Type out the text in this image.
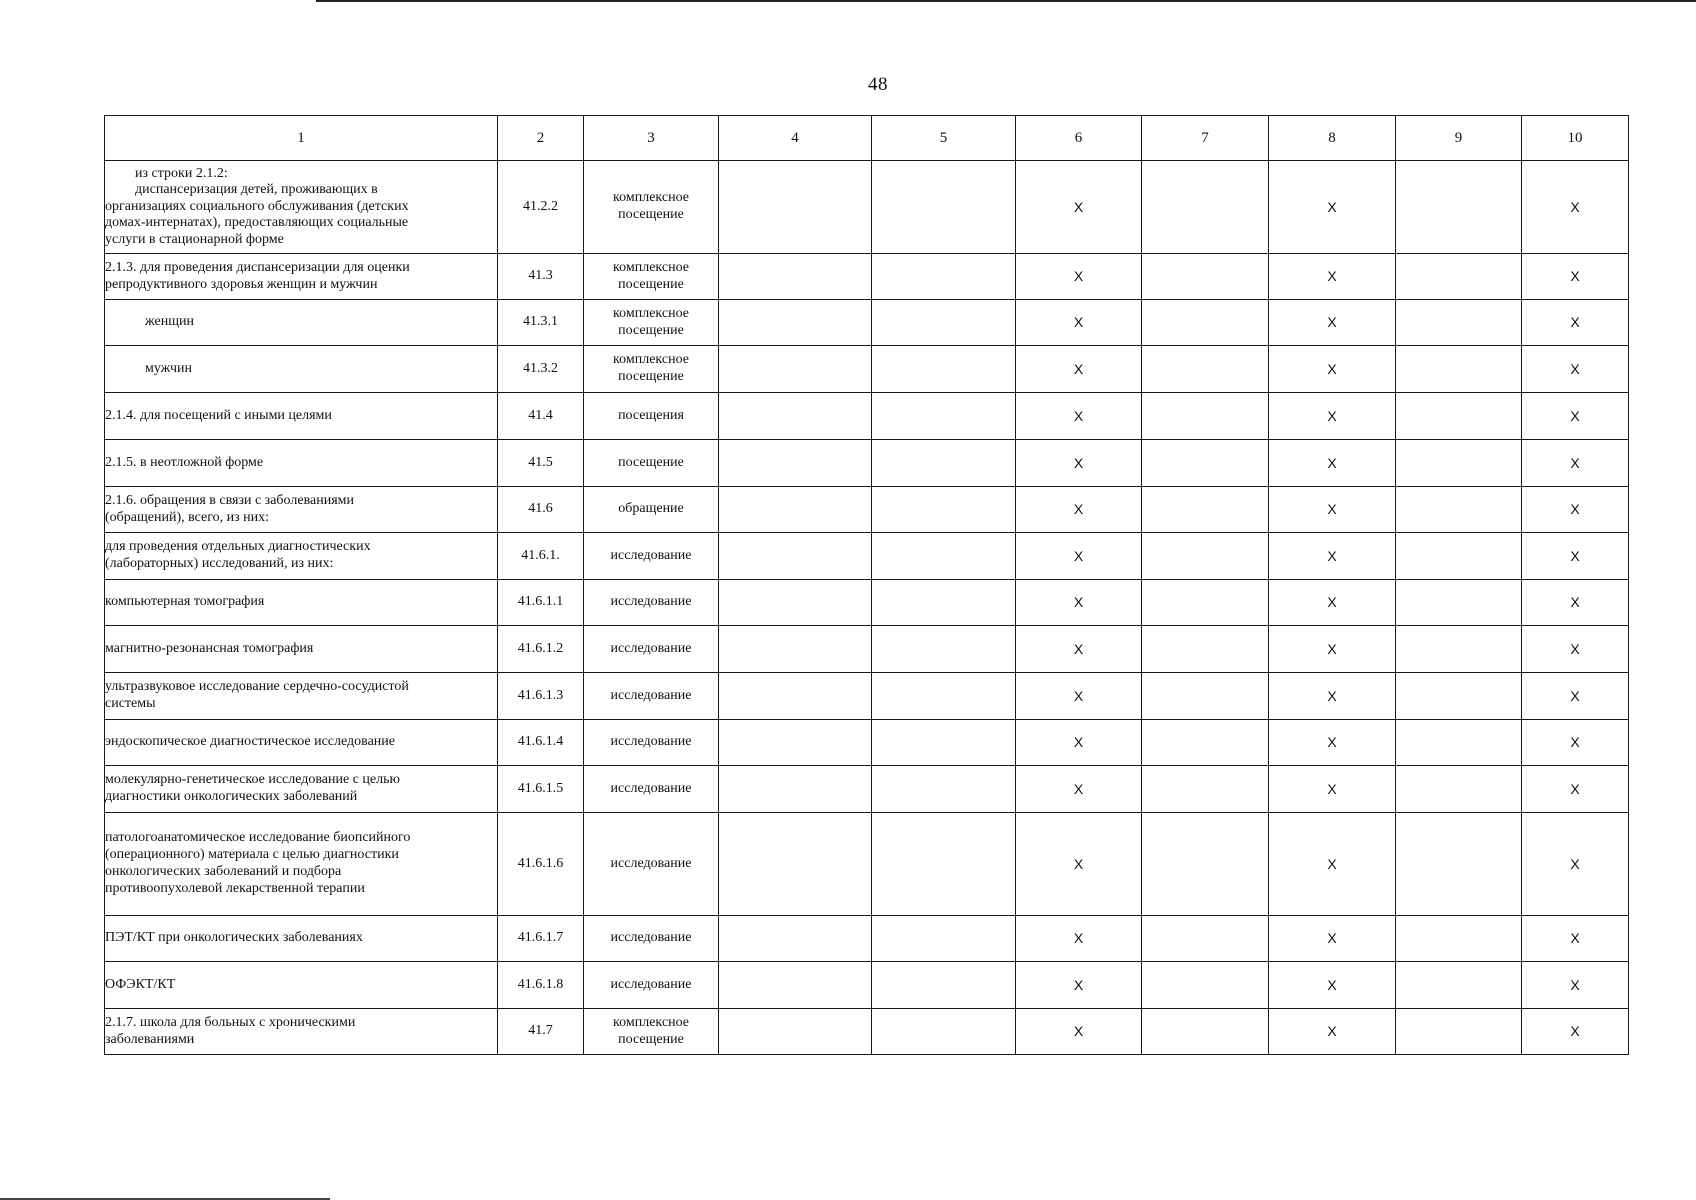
48
1	2	3	4	5	6	7	8	9	10

из строки 2.1.2:
диспансеризация детей, проживающих в
организациях социального обслуживания (детских
домах-интернатах), предоставляющих социальные
услуги в стационарной форме	41.2.2	комплексное посещение			X		X		X

2.1.3. для проведения диспансеризации для оценки
репродуктивного здоровья женщин и мужчин	41.3	комплексное посещение			X		X		X

женщин	41.3.1	комплексное посещение			X		X		X

мужчин	41.3.2	комплексное посещение			X		X		X

2.1.4. для посещений с иными целями	41.4	посещения			X		X		X

2.1.5. в неотложной форме	41.5	посещение			X		X		X

2.1.6. обращения в связи с заболеваниями
(обращений), всего, из них:	41.6	обращение			X		X		X

для проведения отдельных диагностических
(лабораторных) исследований, из них:	41.6.1.	исследование			X		X		X

компьютерная томография	41.6.1.1	исследование			X		X		X

магнитно-резонансная томография	41.6.1.2	исследование			X		X		X

ультразвуковое исследование сердечно-сосудистой
системы	41.6.1.3	исследование			X		X		X

эндоскопическое диагностическое исследование	41.6.1.4	исследование			X		X		X

молекулярно-генетическое исследование с целью
диагностики онкологических заболеваний	41.6.1.5	исследование			X		X		X

патологоанатомическое исследование биопсийного
(операционного) материала с целью диагностики
онкологических заболеваний и подбора
противоопухолевой лекарственной терапии	41.6.1.6	исследование			X		X		X

ПЭТ/КТ при онкологических заболеваниях	41.6.1.7	исследование			X		X		X

ОФЭКТ/КТ	41.6.1.8	исследование			X		X		X

2.1.7. школа для больных с хроническими
заболеваниями	41.7	комплексное посещение			X		X		X
